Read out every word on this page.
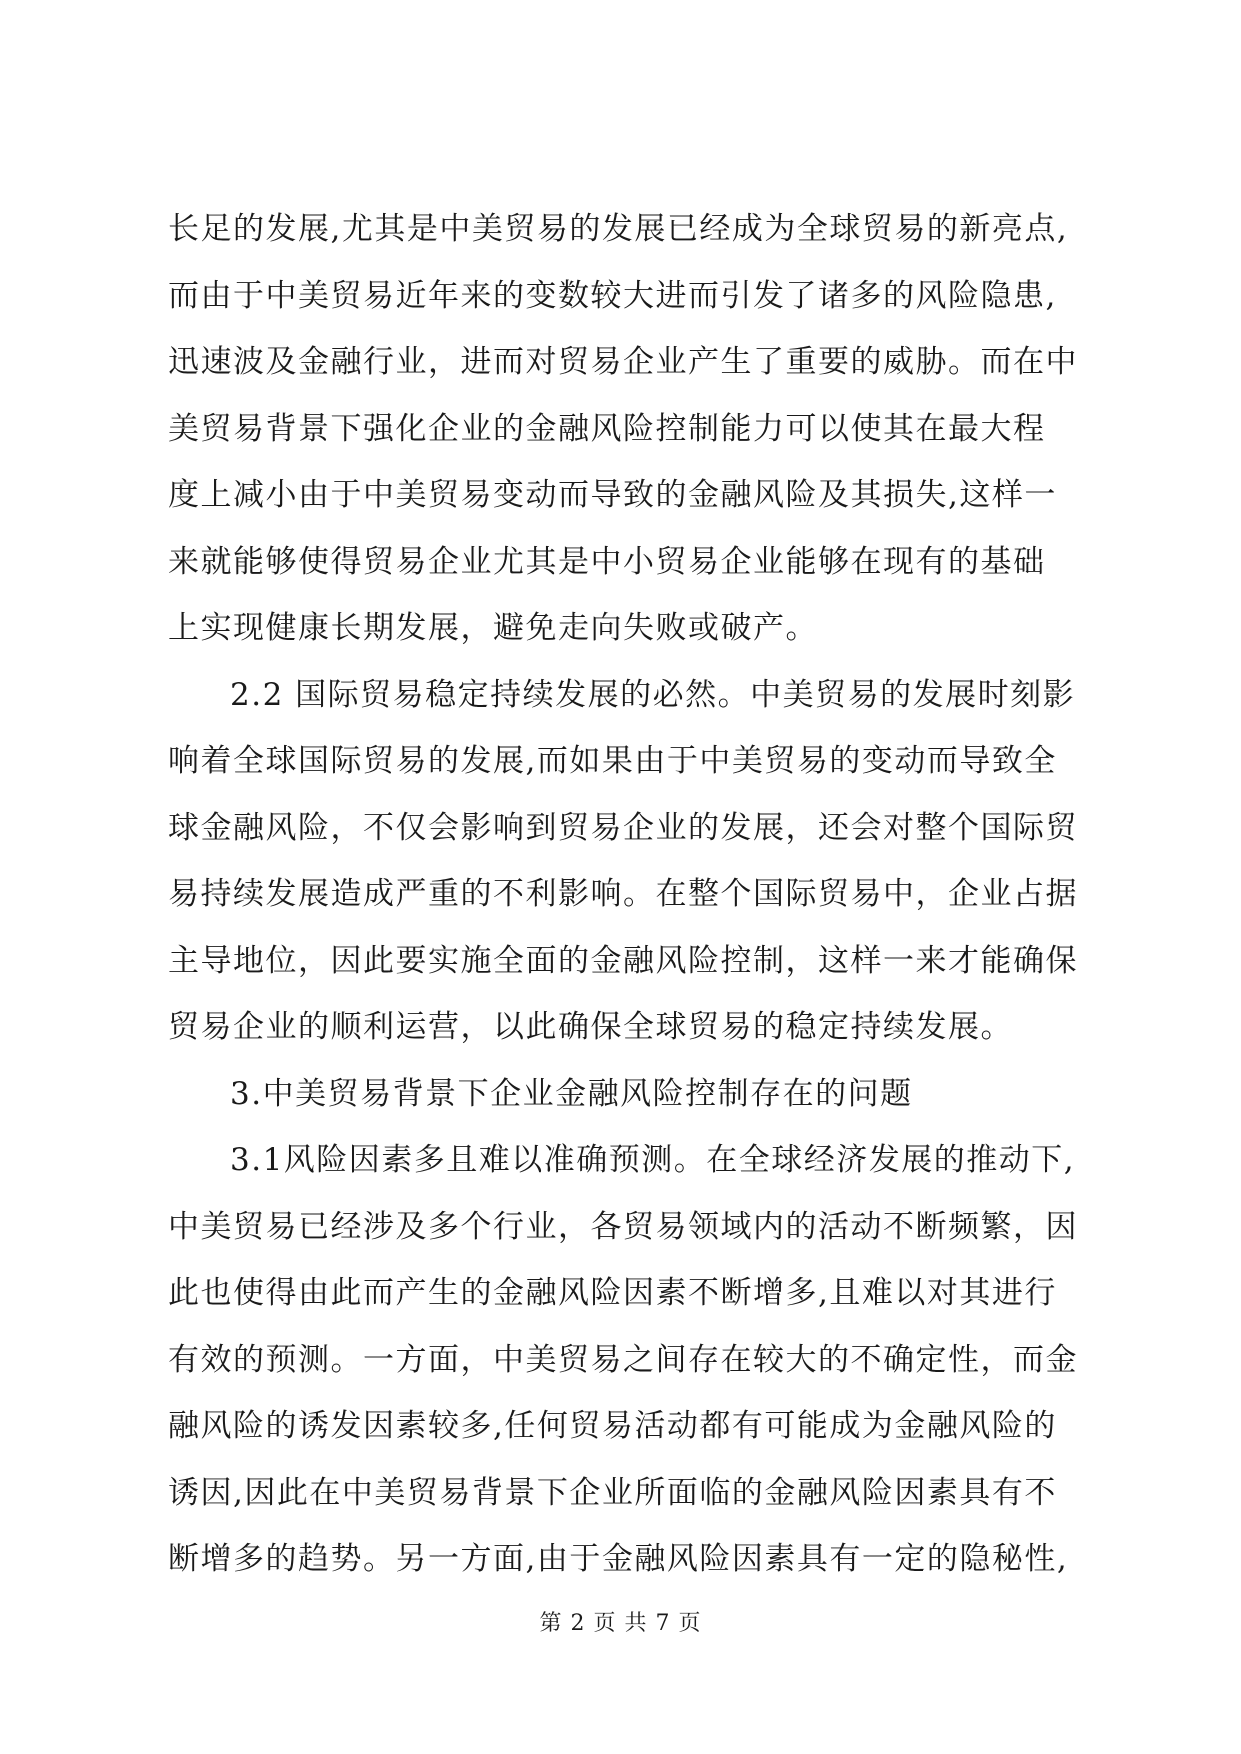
长足的发展,尤其是中美贸易的发展已经成为全球贸易的新亮点,
而由于中美贸易近年来的变数较大进而引发了诸多的风险隐患,
迅速波及金融行业，进而对贸易企业产生了重要的威胁。而在中
美贸易背景下强化企业的金融风险控制能力可以使其在最大程
度上减小由于中美贸易变动而导致的金融风险及其损失,这样一
来就能够使得贸易企业尤其是中小贸易企业能够在现有的基础
上实现健康长期发展，避免走向失败或破产。
2.2 国际贸易稳定持续发展的必然。中美贸易的发展时刻影
响着全球国际贸易的发展,而如果由于中美贸易的变动而导致全
球金融风险，不仅会影响到贸易企业的发展，还会对整个国际贸
易持续发展造成严重的不利影响。在整个国际贸易中，企业占据
主导地位，因此要实施全面的金融风险控制，这样一来才能确保
贸易企业的顺利运营，以此确保全球贸易的稳定持续发展。
3.中美贸易背景下企业金融风险控制存在的问题
3.1风险因素多且难以准确预测。在全球经济发展的推动下,
中美贸易已经涉及多个行业，各贸易领域内的活动不断频繁，因
此也使得由此而产生的金融风险因素不断增多,且难以对其进行
有效的预测。一方面，中美贸易之间存在较大的不确定性，而金
融风险的诱发因素较多,任何贸易活动都有可能成为金融风险的
诱因,因此在中美贸易背景下企业所面临的金融风险因素具有不
断增多的趋势。另一方面,由于金融风险因素具有一定的隐秘性,
第 2 页 共 7 页
